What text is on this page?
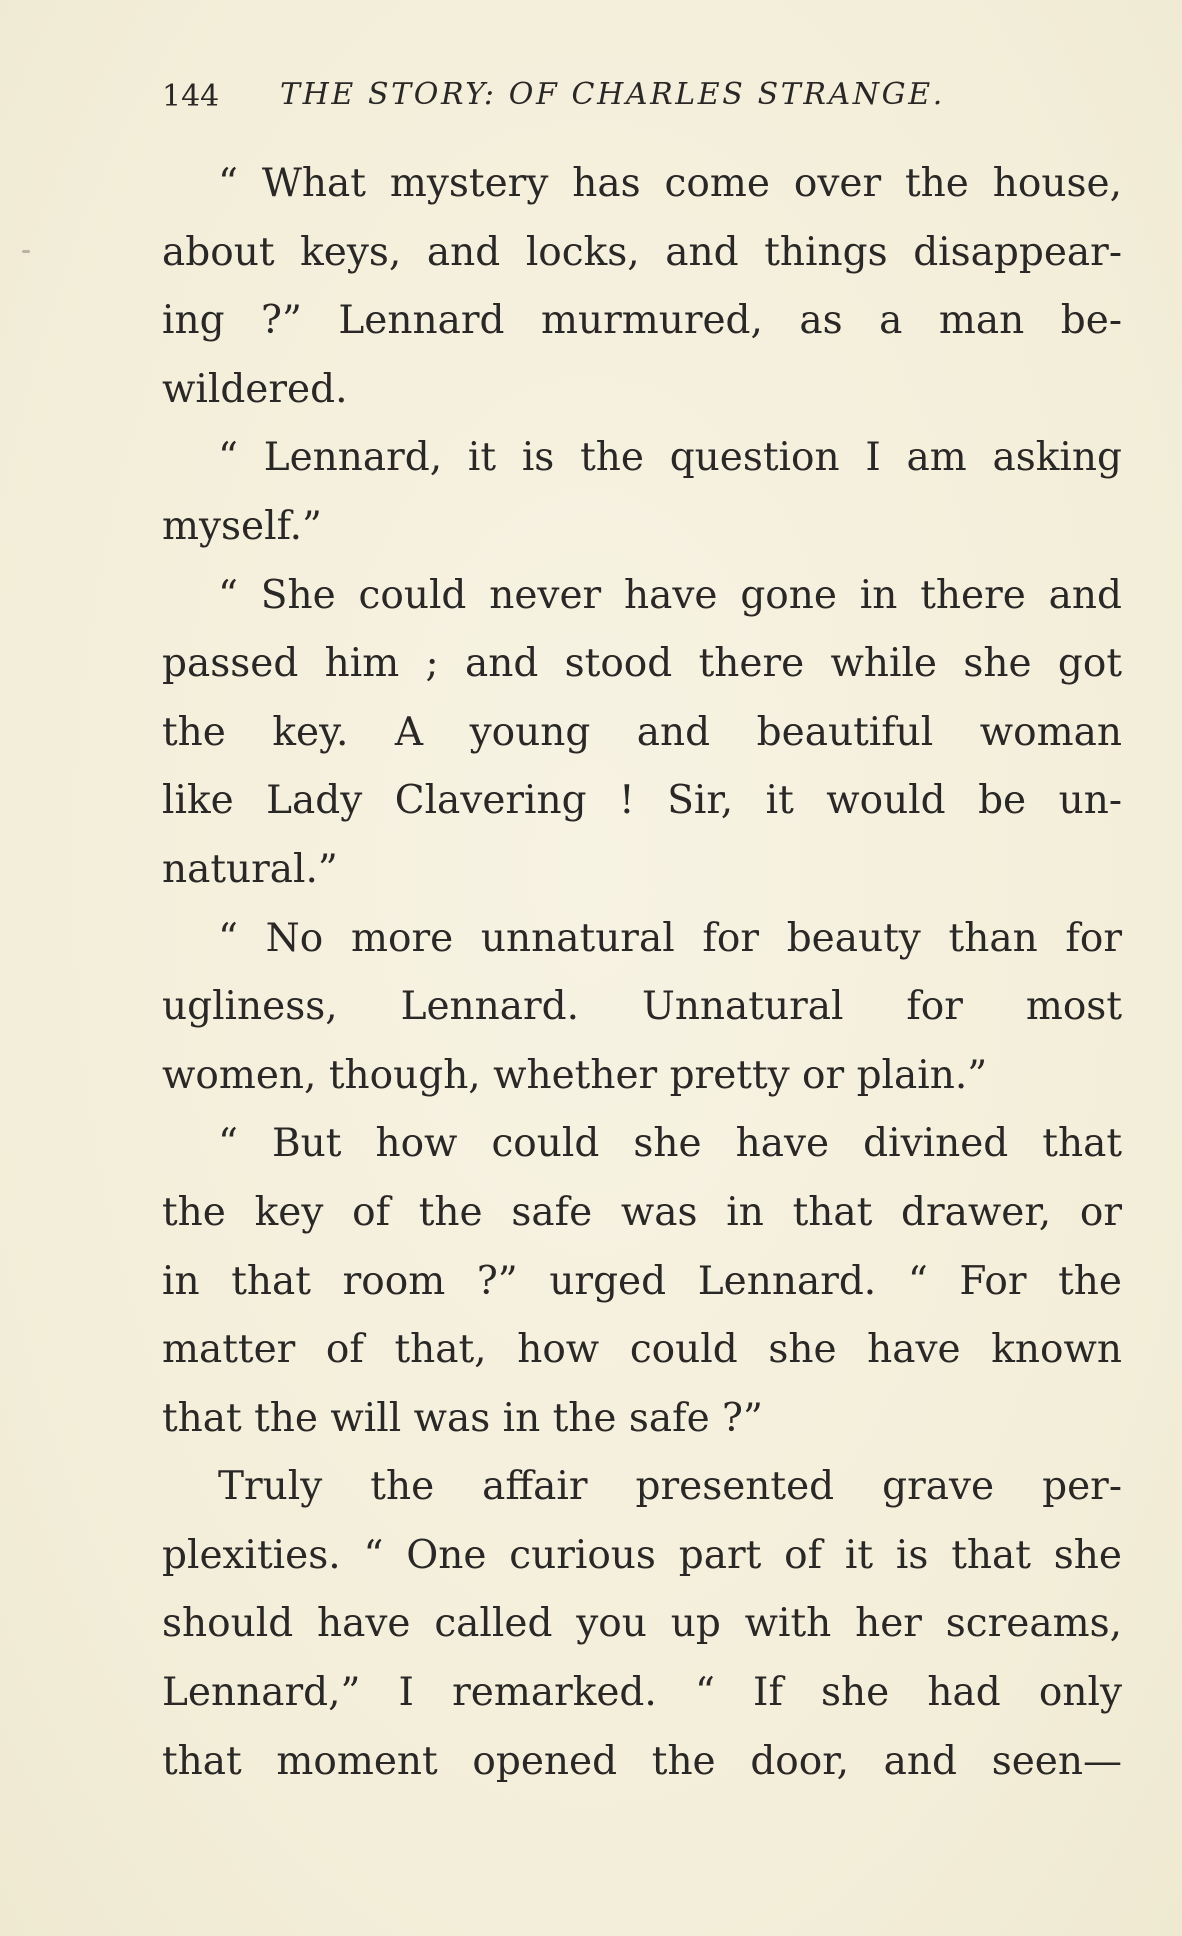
144 THE STORY: OF CHARLES STRANGE.
“ What mystery has come over the house,
about keys, and locks, and things disappear-
ing ?” Lennard murmured, as a man be-
wildered.
“ Lennard, it is the question I am asking
myself.”
“ She could never have gone in there and
passed him ; and stood there while she got
the key. A young and beautiful woman
like Lady Clavering ! Sir, it would be un-
natural.”
“ No more unnatural for beauty than for
ugliness, Lennard. Unnatural for most
women, though, whether pretty or plain.”
“ But how could she have divined that
the key of the safe was in that drawer, or
in that room ?” urged Lennard. “ For the
matter of that, how could she have known
that the will was in the safe ?”
Truly the affair presented grave per-
plexities. “ One curious part of it is that she
should have called you up with her screams,
Lennard,” I remarked. “ If she had only
that moment opened the door, and seen—
